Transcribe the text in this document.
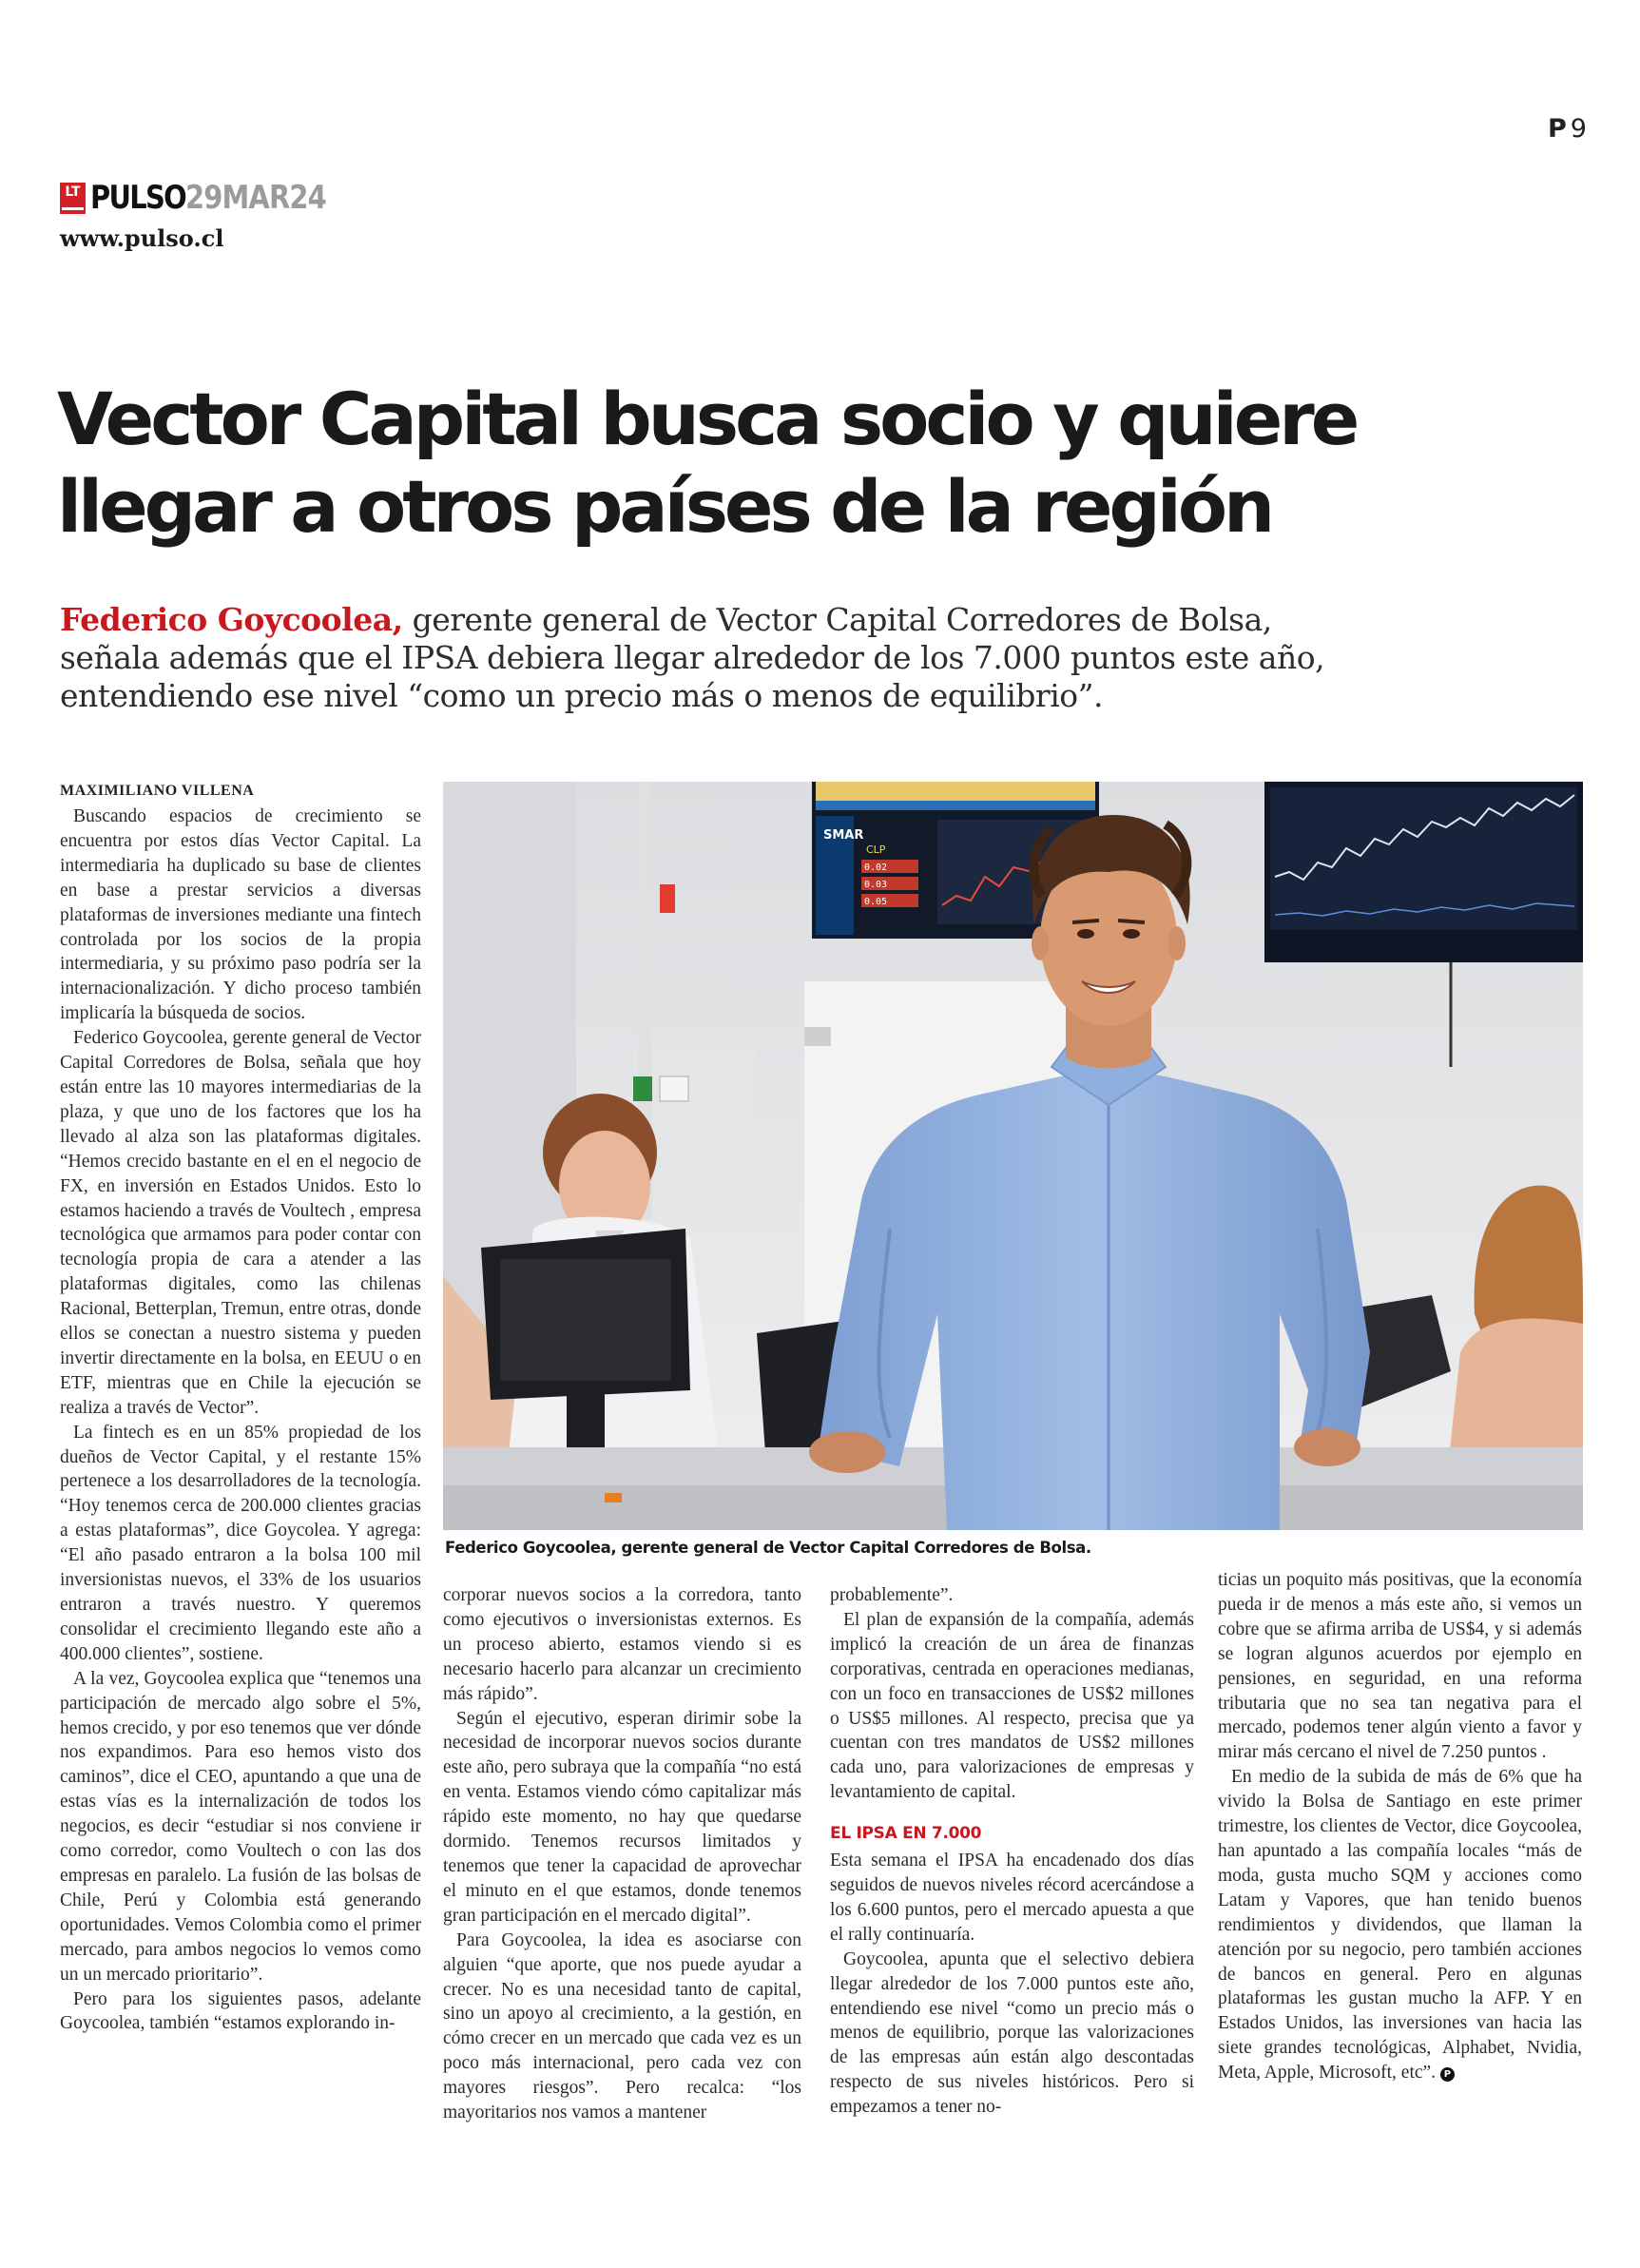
P 9
LT PULSO 29MAR24
www.pulso.cl
Vector Capital busca socio y quiere llegar a otros países de la región
Federico Goycoolea, gerente general de Vector Capital Corredores de Bolsa, señala además que el IPSA debiera llegar alrededor de los 7.000 puntos este año, entendiendo ese nivel “como un precio más o menos de equilibrio”.
MAXIMILIANO VILLENA

Buscando espacios de crecimiento se encuentra por estos días Vector Capital. La intermediaria ha duplicado su base de clientes en base a prestar servicios a diversas plataformas de inversiones mediante una fintech controlada por los socios de la propia intermediaria, y su próximo paso podría ser la internacionalización. Y dicho proceso también implicaría la búsqueda de socios.

Federico Goycoolea, gerente general de Vector Capital Corredores de Bolsa, señala que hoy están entre las 10 mayores intermediarias de la plaza, y que uno de los factores que los ha llevado al alza son las plataformas digitales. “Hemos crecido bastante en el en el negocio de FX, en inversión en Estados Unidos. Esto lo estamos haciendo a través de Voultech , empresa tecnológica que armamos para poder contar con tecnología propia de cara a atender a las plataformas digitales, como las chilenas Racional, Betterplan, Tremun, entre otras, donde ellos se conectan a nuestro sistema y pueden invertir directamente en la bolsa, en EEUU o en ETF, mientras que en Chile la ejecución se realiza a través de Vector”.

La fintech es en un 85% propiedad de los dueños de Vector Capital, y el restante 15% pertenece a los desarrolladores de la tecnología. “Hoy tenemos cerca de 200.000 clientes gracias a estas plataformas”, dice Goycolea. Y agrega: “El año pasado entraron a la bolsa 100 mil inversionistas nuevos, el 33% de los usuarios entraron a través nuestro. Y queremos consolidar el crecimiento llegando este año a 400.000 clientes”, sostiene.

A la vez, Goycoolea explica que “tenemos una participación de mercado algo sobre el 5%, hemos crecido, y por eso tenemos que ver dónde nos expandimos. Para eso hemos visto dos caminos”, dice el CEO, apuntando a que una de estas vías es la internalización de todos los negocios, es decir “estudiar si nos conviene ir como corredor, como Voultech o con las dos empresas en paralelo. La fusión de las bolsas de Chile, Perú y Colombia está generando oportunidades. Vemos Colombia como el primer mercado, para ambos negocios lo vemos como un un mercado prioritario”.

Pero para los siguientes pasos, adelante Goycoolea, también “estamos explorando in-

SMAR
CLP
0.02
0.03
0.05
Federico Goycoolea, gerente general de Vector Capital Corredores de Bolsa.

corporar nuevos socios a la corredora, tanto como ejecutivos o inversionistas externos. Es un proceso abierto, estamos viendo si es necesario hacerlo para alcanzar un crecimiento más rápido”.

Según el ejecutivo, esperan dirimir sobe la necesidad de incorporar nuevos socios durante este año, pero subraya que la compañía “no está en venta. Estamos viendo cómo capitalizar más rápido este momento, no hay que quedarse dormido. Tenemos recursos limitados y tenemos que tener la capacidad de aprovechar el minuto en el que estamos, donde tenemos gran participación en el mercado digital”.

Para Goycoolea, la idea es asociarse con alguien “que aporte, que nos puede ayudar a crecer. No es una necesidad tanto de capital, sino un apoyo al crecimiento, a la gestión, en cómo crecer en un mercado que cada vez es un poco más internacional, pero cada vez con mayores riesgos”. Pero recalca: “los mayoritarios nos vamos a mantener

probablemente”.

El plan de expansión de la compañía, además implicó la creación de un área de finanzas corporativas, centrada en operaciones medianas, con un foco en transacciones de US$2 millones o US$5 millones. Al respecto, precisa que ya cuentan con tres mandatos de US$2 millones cada uno, para valorizaciones de empresas y levantamiento de capital.

EL IPSA EN 7.000

Esta semana el IPSA ha encadenado dos días seguidos de nuevos niveles récord acercándose a los 6.600 puntos, pero el mercado apuesta a que el rally continuaría.

Goycoolea, apunta que el selectivo debiera llegar alrededor de los 7.000 puntos este año, entendiendo ese nivel “como un precio más o menos de equilibrio, porque las valorizaciones de las empresas aún están algo descontadas respecto de sus niveles históricos. Pero si empezamos a tener no-

ticias un poquito más positivas, que la economía pueda ir de menos a más este año, si vemos un cobre que se afirma arriba de US$4, y si además se logran algunos acuerdos por ejemplo en pensiones, en seguridad, en una reforma tributaria que no sea tan negativa para el mercado, podemos tener algún viento a favor y mirar más cercano el nivel de 7.250 puntos .

En medio de la subida de más de 6% que ha vivido la Bolsa de Santiago en este primer trimestre, los clientes de Vector, dice Goycoolea, han apuntado a las compañía locales “más de moda, gusta mucho SQM y acciones como Latam y Vapores, que han tenido buenos rendimientos y dividendos, que llaman la atención por su negocio, pero también acciones de bancos en general. Pero en algunas plataformas les gustan mucho la AFP. Y en Estados Unidos, las inversiones van hacia las siete grandes tecnológicas, Alphabet, Nvidia, Meta, Apple, Microsoft, etc”. P
